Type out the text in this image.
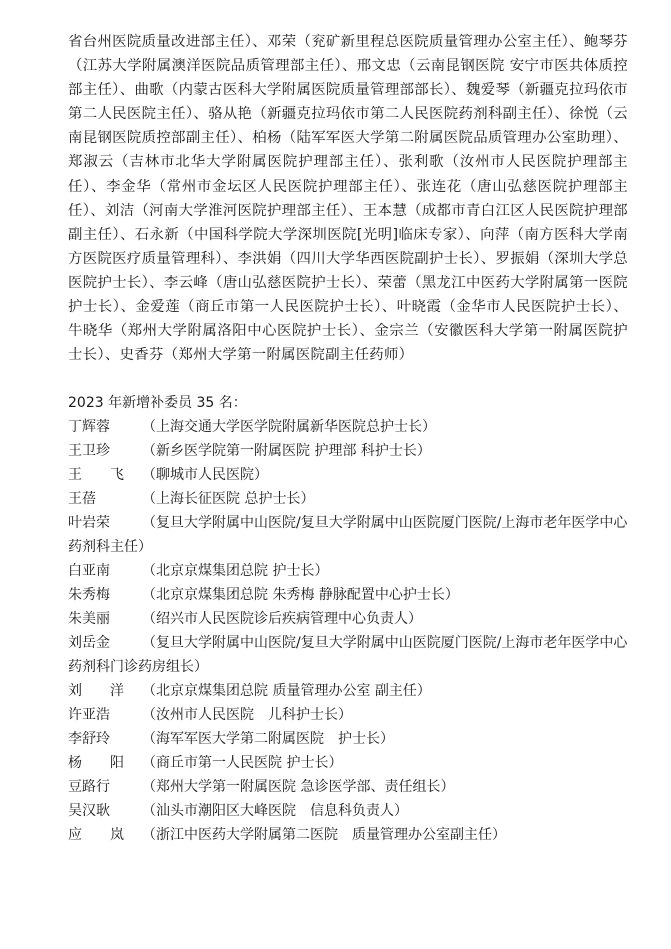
省台州医院质量改进部主任）、邓荣（兖矿新里程总医院质量管理办公室主任）、鲍琴芬（江苏大学附属澳洋医院品质管理部主任）、邢文忠（云南昆钢医院 安宁市医共体质控部主任）、曲歌（内蒙古医科大学附属医院质量管理部部长）、魏爱琴（新疆克拉玛依市第二人民医院主任）、骆从艳（新疆克拉玛依市第二人民医院药剂科副主任）、徐悦（云南昆钢医院质控部副主任）、柏杨（陆军军医大学第二附属医院品质管理办公室助理）、郑淑云（吉林市北华大学附属医院护理部主任）、张利歌（汝州市人民医院护理部主任）、李金华（常州市金坛区人民医院护理部主任）、张连花（唐山弘慈医院护理部主任）、刘洁（河南大学淮河医院护理部主任）、王本慧（成都市青白江区人民医院护理部副主任）、石永新（中国科学院大学深圳医院[光明]临床专家）、向萍（南方医科大学南方医院医疗质量管理科）、李洪娟（四川大学华西医院副护士长）、罗振娟（深圳大学总医院护士长）、李云峰（唐山弘慈医院护士长）、荣蕾（黑龙江中医药大学附属第一医院护士长）、金爱莲（商丘市第一人民医院护士长）、叶晓霞（金华市人民医院护士长）、牛晓华（郑州大学附属洛阳中心医院护士长）、金宗兰（安徽医科大学第一附属医院护士长）、史香芬（郑州大学第一附属医院副主任药师）

2023 年新增补委员 35 名：

丁辉蓉 （上海交通大学医学院附属新华医院总护士长）

王卫珍 （新乡医学院第一附属医院 护理部 科护士长）

王　　飞 （聊城市人民医院）

王蓓	（上海长征医院 总护士长）

叶岩荣 （复旦大学附属中山医院/复旦大学附属中山医院厦门医院/上海市老年医学中心药剂科主任）

白亚南 （北京京煤集团总院 护士长）

朱秀梅 （北京京煤集团总院 朱秀梅 静脉配置中心护士长）

朱美丽 （绍兴市人民医院诊后疾病管理中心负责人）

刘岳金 （复旦大学附属中山医院/复旦大学附属中山医院厦门医院/上海市老年医学中心 药剂科门诊药房组长）

刘　　洋 （北京京煤集团总院 质量管理办公室 副主任）

许亚浩 （汝州市人民医院　儿科护士长）

李舒玲 （海军军医大学第二附属医院　护士长）

杨　　阳 （商丘市第一人民医院 护士长）

豆路行 （郑州大学第一附属医院 急诊医学部、责任组长）

吴汉耿 （汕头市潮阳区大峰医院　信息科负责人）

应　　岚 （浙江中医药大学附属第二医院　质量管理办公室副主任）
